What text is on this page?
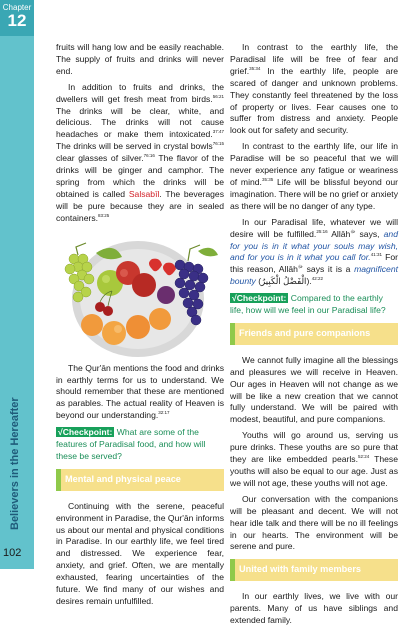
Chapter
12
Believers in the Hereafter
102

fruits will hang low and be easily reachable. The supply of fruits and drinks will never end.

In addition to fruits and drinks, the dwellers will get fresh meat from birds.$^{56:21}$ The drinks will be clear, white, and delicious. The drinks will not cause headaches or make them intoxicated.$^{37:47}$ The drinks will be served in crystal bowls$^{76:15}$ clear glasses of silver.$^{76:16}$ The flavor of the drinks will be ginger and camphor. The spring from which the drinks will be obtained is called Salsabīl. The beverages will be pure because they are in sealed containers.$^{83:25}$

The Qur'ān mentions the food and drinks in earthly terms for us to understand. We should remember that these are mentioned as parables. The actual reality of Heaven is beyond our understanding.$^{32:17}$

√Checkpoint: What are some of the features of Paradisal food, and how will these be served?
Mental and physical peace

Continuing with the serene, peaceful environment in Paradise, the Qur'ān informs us about our mental and physical conditions in Paradise. In our earthly life, we feel tired and distressed. We experience fear, anxiety, and grief. Often, we are mentally exhausted, fearing uncertainties of the future. We find many of our wishes and desires remain unfulfilled.

In contrast to the earthly life, the Paradisal life will be free of fear and grief.$^{35:34}$ In the earthly life, people are scared of danger and unknown problems. They constantly feel threatened by the loss of property or lives. Fear causes one to suffer from distress and anxiety. People look out for safety and security.

In contrast to the earthly life, our life in Paradise will be so peaceful that we will never experience any fatigue or weariness of mind.$^{35:35}$ Life will be blissful beyond our imagination. There will be no grief or anxiety as there will be no danger of any type.

In our Paradisal life, whatever we will desire will be fulfilled.$^{25:16}$ Allāh$^ﷻ$ says, and for you is in it what your souls may wish, and for you is in it what you call for.$^{41:31}$ For this reason, Allāh$^ﷻ$ says it is a magnificent bounty (الْفَضْلُ الْكَبِيرُ).$^{42:22}$

√Checkpoint: Compared to the earthly life, how will we feel in our Paradisal life?
Friends and pure companions

We cannot fully imagine all the blessings and pleasures we will receive in Heaven. Our ages in Heaven will not change as we will be like a new creation that we cannot fully understand. We will be paired with modest, beautiful, and pure companions.

Youths will go around us, serving us pure drinks. These youths are so pure that they are like embedded pearls.$^{52:24}$ These youths will also be equal to our age. Just as we will not age, these youths will not age.

Our conversation with the companions will be pleasant and decent. We will not hear idle talk and there will be no ill feelings in our hearts. The environment will be serene and pure.

United with family members

In our earthly lives, we live with our parents. Many of us have siblings and extended family.
